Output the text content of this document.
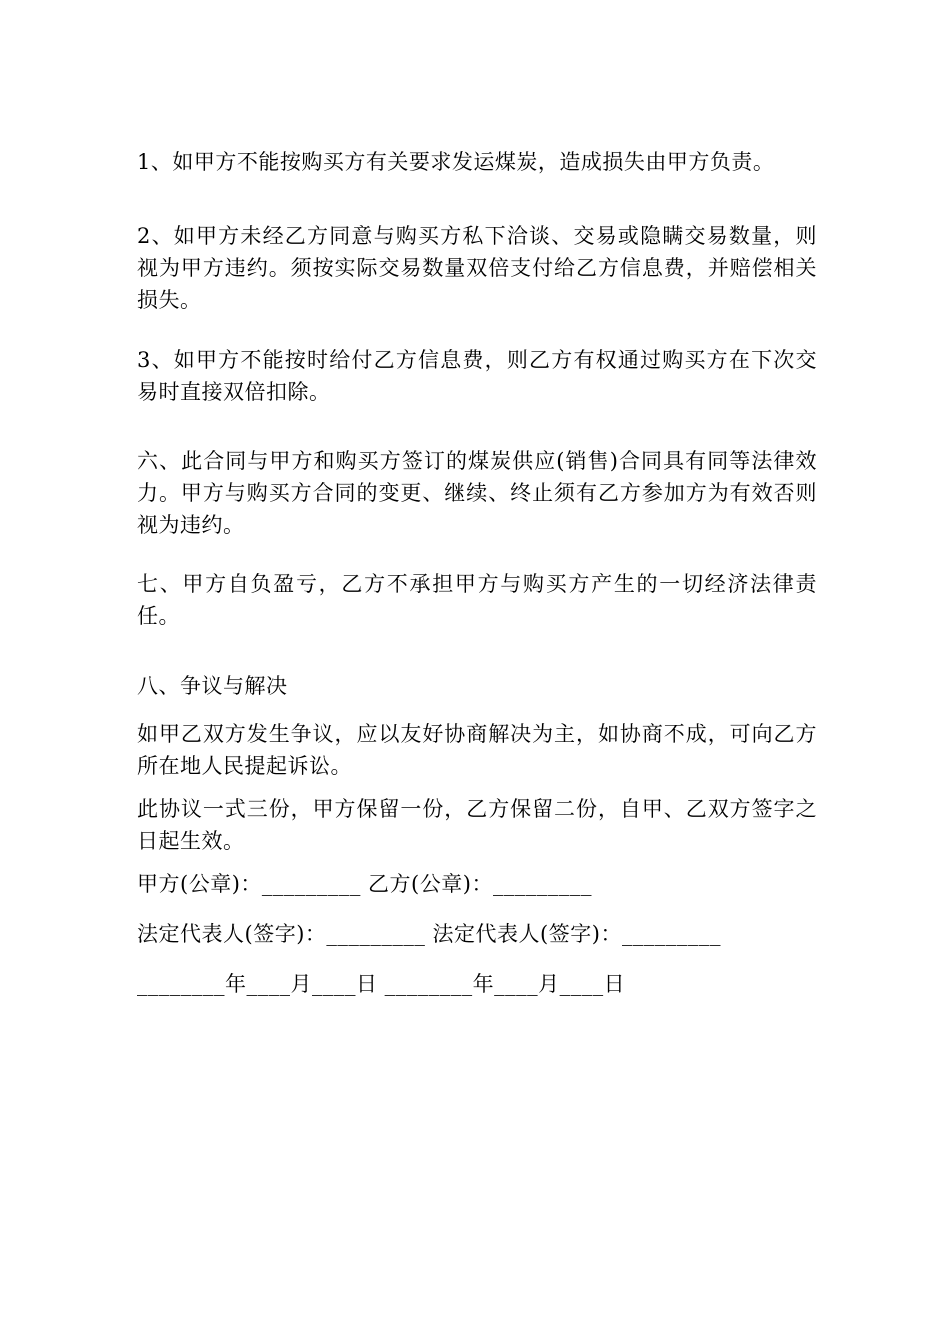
1、如甲方不能按购买方有关要求发运煤炭，造成损失由甲方负责。

2、如甲方未经乙方同意与购买方私下洽谈、交易或隐瞒交易数量，则视为甲方违约。须按实际交易数量双倍支付给乙方信息费，并赔偿相关损失。

3、如甲方不能按时给付乙方信息费，则乙方有权通过购买方在下次交易时直接双倍扣除。

六、此合同与甲方和购买方签订的煤炭供应(销售)合同具有同等法律效力。甲方与购买方合同的变更、继续、终止须有乙方参加方为有效否则视为违约。

七、甲方自负盈亏，乙方不承担甲方与购买方产生的一切经济法律责任。

八、争议与解决

如甲乙双方发生争议，应以友好协商解决为主，如协商不成，可向乙方所在地人民提起诉讼。

此协议一式三份，甲方保留一份，乙方保留二份，自甲、乙双方签字之日起生效。

甲方(公章)：_________ 乙方(公章)：_________

法定代表人(签字)：_________ 法定代表人(签字)：_________

________年____月____日 ________年____月____日
